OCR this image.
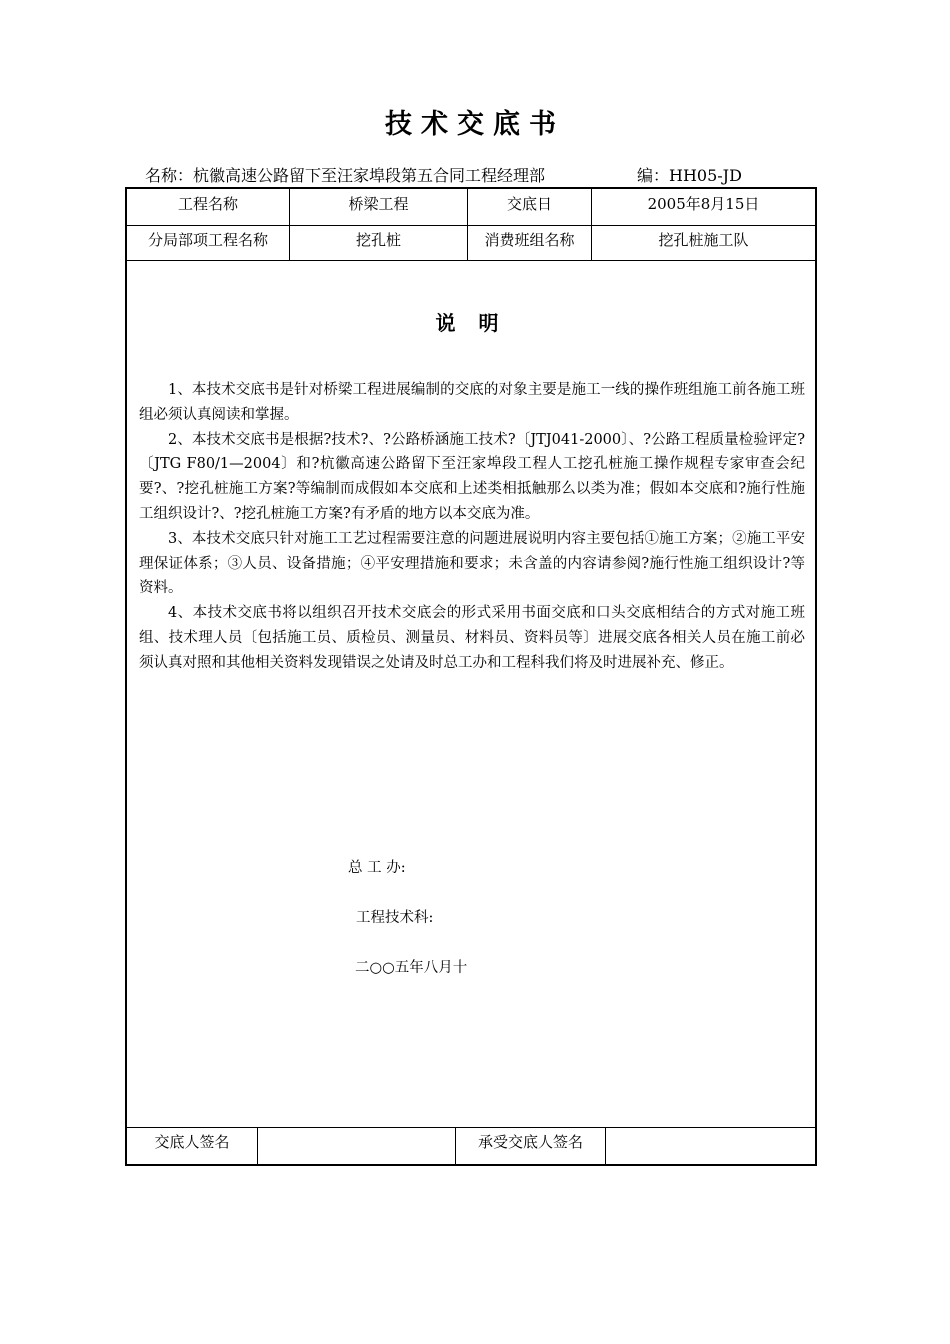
技术交底书
名称：杭徽高速公路留下至汪家埠段第五合同工程经理部	编：HH05-JD
工程名称	桥梁工程	交底日	2005年8月15日
分局部项工程名称	挖孔桩	消费班组名称	挖孔桩施工队
说 明

1、本技术交底书是针对桥梁工程进展编制的交底的对象主要是施工一线的操作班组施工前各施工班组必须认真阅读和掌握。

2、本技术交底书是根据?技术?、?公路桥涵施工技术?〔JTJ041-2000〕、?公路工程质量检验评定?〔JTG F80/1—2004〕和?杭徽高速公路留下至汪家埠段工程人工挖孔桩施工操作规程专家审查会纪要?、?挖孔桩施工方案?等编制而成假如本交底和上述类相抵触那么以类为准；假如本交底和?施行性施工组织设计?、?挖孔桩施工方案?有矛盾的地方以本交底为准。

3、本技术交底只针对施工工艺过程需要注意的问题进展说明内容主要包括①施工方案；②施工平安理保证体系；③人员、设备措施；④平安理措施和要求；未含盖的内容请参阅?施行性施工组织设计?等资料。

4、本技术交底书将以组织召开技术交底会的形式采用书面交底和口头交底相结合的方式对施工班组、技术理人员〔包括施工员、质检员、测量员、材料员、资料员等〕进展交底各相关人员在施工前必须认真对照和其他相关资料发现错误之处请及时总工办和工程科我们将及时进展补充、修正。

总 工 办:
工程技术科:
二○○五年八月十
交底人签名	承受交底人签名
